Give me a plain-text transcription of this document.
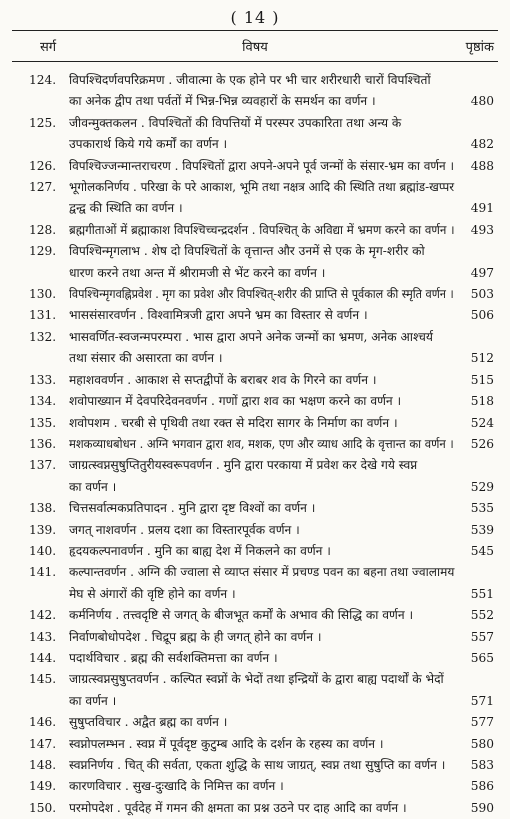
( 14 )
सर्ग	विषय	पृष्ठांक
124. विपश्चिदर्णवपरिक्रमण . जीवात्मा के एक होने पर भी चार शरीरधारी चारों विपश्चितों
का अनेक द्वीप तथा पर्वतों में भिन्न-भिन्न व्यवहारों के समर्थन का वर्णन ।	480
125. जीवन्मुक्तकलन . विपश्चितों की विपत्तियों में परस्पर उपकारिता तथा अन्य के
उपकारार्थ किये गये कर्मों का वर्णन ।	482
126. विपश्चिज्जन्मान्तराचरण . विपश्चितों द्वारा अपने-अपने पूर्व जन्मों के संसार-भ्रम का वर्णन । 488
127. भूगोलकनिर्णय . परिखा के परे आकाश, भूमि तथा नक्षत्र आदि की स्थिति तथा ब्रह्मांड-खप्पर
द्वन्द्व की स्थिति का वर्णन ।	491
128. ब्रह्मगीताओं में ब्रह्माकाश विपश्चिच्चन्द्रदर्शन . विपश्चित् के अविद्या में भ्रमण करने का वर्णन । 493
129. विपश्चिन्मृगलाभ . शेष दो विपश्चितों के वृत्तान्त और उनमें से एक के मृग-शरीर को
धारण करने तथा अन्त में श्रीरामजी से भेंट करने का वर्णन ।	497
130. विपश्चिन्मृगवह्निप्रवेश . मृग का प्रवेश और विपश्चित्-शरीर की प्राप्ति से पूर्वकाल की स्मृति वर्णन । 503
131. भाससंसारवर्णन . विश्वामित्रजी द्वारा अपने भ्रम का विस्तार से वर्णन ।	506
132. भासवर्णित-स्वजन्मपरम्परा . भास द्वारा अपने अनेक जन्मों का भ्रमण, अनेक आश्चर्य
तथा संसार की असारता का वर्णन ।	512
133. महाशववर्णन . आकाश से सप्तद्वीपों के बराबर शव के गिरने का वर्णन ।	515
134. शवोपाख्यान में देवपरिदेवनवर्णन . गणों द्वारा शव का भक्षण करने का वर्णन ।	518
135. शवोपशम . चरबी से पृथिवी तथा रक्त से मदिरा सागर के निर्माण का वर्णन ।	524
136. मशकव्याधबोधन . अग्नि भगवान द्वारा शव, मशक, एण और व्याध आदि के वृत्तान्त का वर्णन । 526
137. जाग्रत्स्वप्नसुषुप्तितुरीयस्वरूपवर्णन . मुनि द्वारा परकाया में प्रवेश कर देखे गये स्वप्न
का वर्णन ।	529
138. चित्तसर्वात्मकप्रतिपादन . मुनि द्वारा दृष्ट विश्वों का वर्णन ।	535
139. जगत् नाशवर्णन . प्रलय दशा का विस्तारपूर्वक वर्णन ।	539
140. हृदयकल्पनावर्णन . मुनि का बाह्य देश में निकलने का वर्णन ।	545
141. कल्पान्तवर्णन . अग्नि की ज्वाला से व्याप्त संसार में प्रचण्ड पवन का बहना तथा ज्वालामय
मेघ से अंगारों की वृष्टि होने का वर्णन ।	551
142. कर्मनिर्णय . तत्त्वदृष्टि से जगत् के बीजभूत कर्मों के अभाव की सिद्धि का वर्णन ।	552
143. निर्वाणबोधोपदेश . चिद्रूप ब्रह्म के ही जगत् होने का वर्णन ।	557
144. पदार्थविचार . ब्रह्म की सर्वशक्तिमत्ता का वर्णन ।	565
145. जाग्रत्स्वप्नसुषुप्तवर्णन . कल्पित स्वप्नों के भेदों तथा इन्द्रियों के द्वारा बाह्य पदार्थों के भेदों
का वर्णन ।	571
146. सुषुप्तविचार . अद्वैत ब्रह्म का वर्णन ।	577
147. स्वप्नोपलम्भन . स्वप्न में पूर्वदृष्ट कुटुम्ब आदि के दर्शन के रहस्य का वर्णन ।	580
148. स्वप्ननिर्णय . चित् की सर्वता, एकता शुद्धि के साथ जाग्रत्, स्वप्न तथा सुषुप्ति का वर्णन ।	583
149. कारणविचार . सुख-दुःखादि के निमित्त का वर्णन ।	586
150. परमोपदेश . पूर्वदेह में गमन की क्षमता का प्रश्न उठने पर दाह आदि का वर्णन ।	590
